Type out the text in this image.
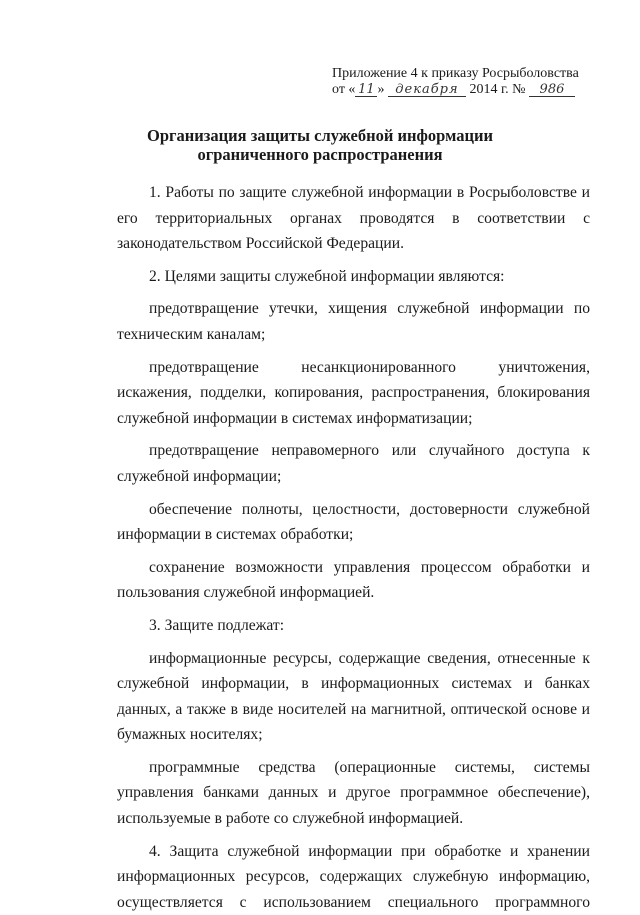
Приложение 4 к приказу Росрыболовства
от « 11 » декабря 2014 г. № 986
Организация защиты служебной информации
ограниченного распространения

1. Работы по защите служебной информации в Росрыболовстве и его территориальных органах проводятся в соответствии с законодательством Российской Федерации.

2. Целями защиты служебной информации являются:

предотвращение утечки, хищения служебной информации по техническим каналам;

предотвращение несанкционированного уничтожения, искажения, подделки, копирования, распространения, блокирования служебной информации в системах информатизации;

предотвращение неправомерного или случайного доступа к служебной информации;

обеспечение полноты, целостности, достоверности служебной информации в системах обработки;

сохранение возможности управления процессом обработки и пользования служебной информацией.

3. Защите подлежат:

информационные ресурсы, содержащие сведения, отнесенные к служебной информации, в информационных системах и банках данных, а также в виде носителей на магнитной, оптической основе и бумажных носителях;

программные средства (операционные системы, системы управления банками данных и другое программное обеспечение), используемые в работе со служебной информацией.

4. Защита служебной информации при обработке и хранении информационных ресурсов, содержащих служебную информацию, осуществляется с использованием специального программного
